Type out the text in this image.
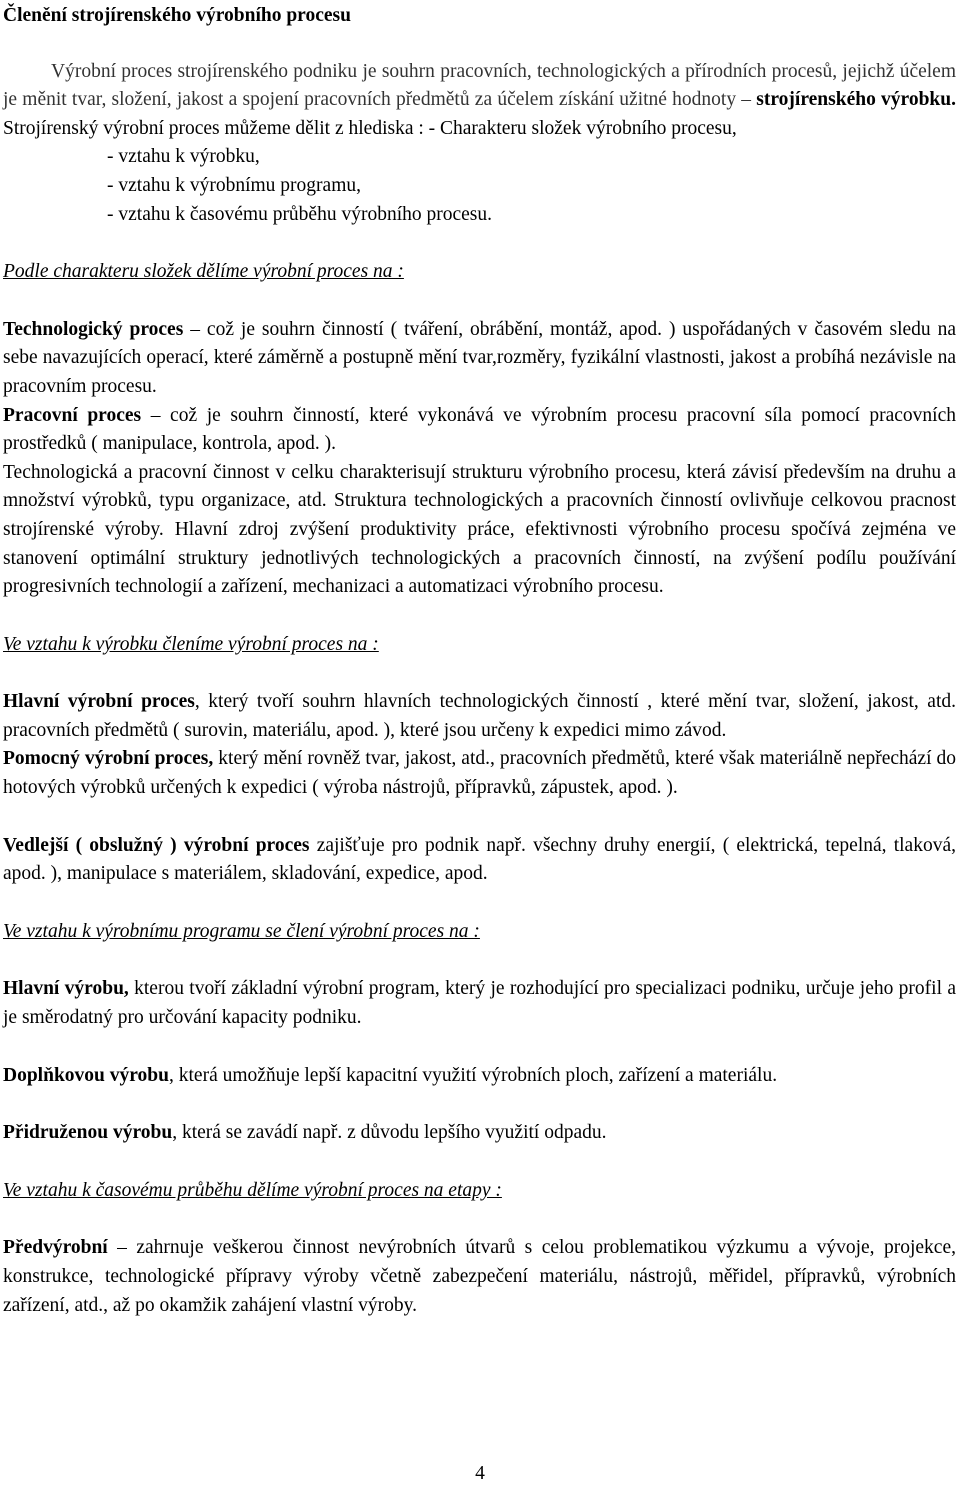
Členění strojírenského výrobního procesu

Výrobní proces strojírenského podniku je souhrn pracovních, technologických a přírodních procesů, jejichž účelem je měnit tvar, složení, jakost a spojení pracovních předmětů za účelem získání užitné hodnoty – strojírenského výrobku. Strojírenský výrobní proces můžeme dělit z hlediska : - Charakteru složek výrobního procesu,

- vztahu k výrobku,
- vztahu k výrobnímu programu,
- vztahu k časovému průběhu výrobního procesu.

Podle charakteru složek dělíme výrobní proces na :

Technologický proces – což je souhrn činností ( tváření, obrábění, montáž, apod. ) uspořádaných v časovém sledu na sebe navazujících operací, které záměrně a postupně mění tvar,rozměry, fyzikální vlastnosti, jakost a probíhá nezávisle na pracovním procesu.

Pracovní proces – což je souhrn činností, které vykonává ve výrobním procesu pracovní síla pomocí pracovních prostředků ( manipulace, kontrola, apod. ).

Technologická a pracovní činnost v celku charakterisují strukturu výrobního procesu, která závisí především na druhu a množství výrobků, typu organizace, atd. Struktura technologických a pracovních činností ovlivňuje celkovou pracnost strojírenské výroby. Hlavní zdroj zvýšení produktivity práce, efektivnosti výrobního procesu spočívá zejména ve stanovení optimální struktury jednotlivých technologických a pracovních činností, na zvýšení podílu používání progresivních technologií a zařízení, mechanizaci a automatizaci výrobního procesu.

Ve vztahu k výrobku členíme výrobní proces na :

Hlavní výrobní proces, který tvoří souhrn hlavních technologických činností , které mění tvar, složení, jakost, atd. pracovních předmětů ( surovin, materiálu, apod. ), které jsou určeny k expedici mimo závod.

Pomocný výrobní proces, který mění rovněž tvar, jakost, atd., pracovních předmětů, které však materiálně nepřechází do hotových výrobků určených k expedici ( výroba nástrojů, přípravků, zápustek, apod. ).

Vedlejší ( obslužný ) výrobní proces zajišťuje pro podnik např. všechny druhy energií, ( elektrická, tepelná, tlaková, apod. ), manipulace s materiálem, skladování, expedice, apod.

Ve vztahu k výrobnímu programu se člení výrobní proces na :

Hlavní výrobu, kterou tvoří základní výrobní program, který je rozhodující pro specializaci podniku, určuje jeho profil a je směrodatný pro určování kapacity podniku.

Doplňkovou výrobu, která umožňuje lepší kapacitní využití výrobních ploch, zařízení a materiálu.

Přidruženou výrobu, která se zavádí např. z důvodu lepšího využití odpadu.

Ve vztahu k časovému průběhu dělíme výrobní proces na etapy :

Předvýrobní – zahrnuje veškerou činnost nevýrobních útvarů s celou problematikou výzkumu a vývoje, projekce, konstrukce, technologické přípravy výroby včetně zabezpečení materiálu, nástrojů, měřidel, přípravků, výrobních zařízení, atd., až po okamžik zahájení vlastní výroby.

4
